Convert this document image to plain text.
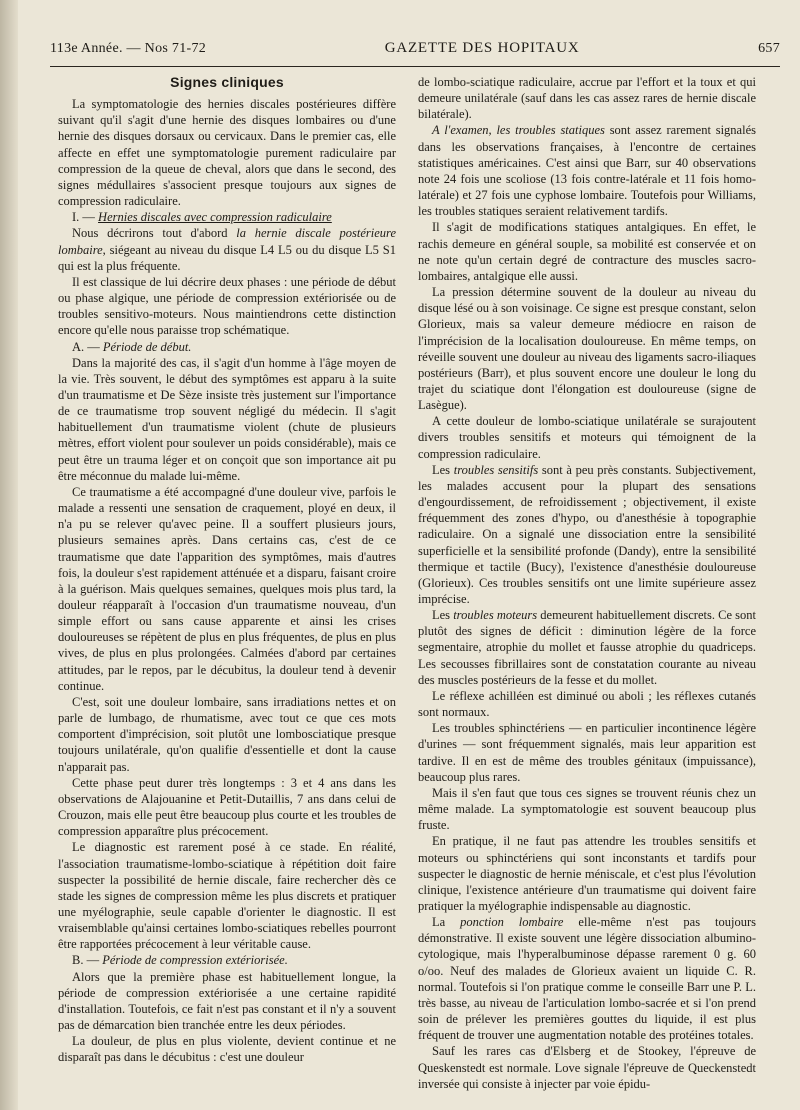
113e Année. — Nos 71-72	GAZETTE DES HOPITAUX	657
Signes cliniques

La symptomatologie des hernies discales postérieures diffère suivant qu'il s'agit d'une hernie des disques lombaires ou d'une hernie des disques dorsaux ou cervicaux. Dans le premier cas, elle affecte en effet une symptomatologie purement radiculaire par compression de la queue de cheval, alors que dans le second, des signes médullaires s'associent presque toujours aux signes de compression radiculaire.

I. — Hernies discales avec compression radiculaire

Nous décrirons tout d'abord la hernie discale postérieure lombaire, siégeant au niveau du disque L4 L5 ou du disque L5 S1 qui est la plus fréquente.

Il est classique de lui décrire deux phases : une période de début ou phase algique, une période de compression extériorisée ou de troubles sensitivo-moteurs. Nous maintiendrons cette distinction encore qu'elle nous paraisse trop schématique.

A. — Période de début.

Dans la majorité des cas, il s'agit d'un homme à l'âge moyen de la vie. Très souvent, le début des symptômes est apparu à la suite d'un traumatisme et De Sèze insiste très justement sur l'importance de ce traumatisme trop souvent négligé du médecin. Il s'agit habituellement d'un traumatisme violent (chute de plusieurs mètres, effort violent pour soulever un poids considérable), mais ce peut être un trauma léger et on conçoit que son importance ait pu être méconnue du malade lui-même.

Ce traumatisme a été accompagné d'une douleur vive, parfois le malade a ressenti une sensation de craquement, ployé en deux, il n'a pu se relever qu'avec peine. Il a souffert plusieurs jours, plusieurs semaines après. Dans certains cas, c'est de ce traumatisme que date l'apparition des symptômes, mais d'autres fois, la douleur s'est rapidement atténuée et a disparu, faisant croire à la guérison. Mais quelques semaines, quelques mois plus tard, la douleur réapparaît à l'occasion d'un traumatisme nouveau, d'un simple effort ou sans cause apparente et ainsi les crises douloureuses se répètent de plus en plus fréquentes, de plus en plus vives, de plus en plus prolongées. Calmées d'abord par certaines attitudes, par le repos, par le décubitus, la douleur tend à devenir continue.

C'est, soit une douleur lombaire, sans irradiations nettes et on parle de lumbago, de rhumatisme, avec tout ce que ces mots comportent d'imprécision, soit plutôt une lombosciatique presque toujours unilatérale, qu'on qualifie d'essentielle et dont la cause n'apparait pas.

Cette phase peut durer très longtemps : 3 et 4 ans dans les observations de Alajouanine et Petit-Dutaillis, 7 ans dans celui de Crouzon, mais elle peut être beaucoup plus courte et les troubles de compression apparaître plus précocement.

Le diagnostic est rarement posé à ce stade. En réalité, l'association traumatisme-lombo-sciatique à répétition doit faire suspecter la possibilité de hernie discale, faire rechercher dès ce stade les signes de compression même les plus discrets et pratiquer une myélographie, seule capable d'orienter le diagnostic. Il est vraisemblable qu'ainsi certaines lombo-sciatiques rebelles pourront être rapportées précocement à leur véritable cause.

B. — Période de compression extériorisée.

Alors que la première phase est habituellement longue, la période de compression extériorisée a une certaine rapidité d'installation. Toutefois, ce fait n'est pas constant et il n'y a souvent pas de démarcation bien tranchée entre les deux périodes.

La douleur, de plus en plus violente, devient continue et ne disparaît pas dans le décubitus : c'est une douleur

de lombo-sciatique radiculaire, accrue par l'effort et la toux et qui demeure unilatérale (sauf dans les cas assez rares de hernie discale bilatérale).

A l'examen, les troubles statiques sont assez rarement signalés dans les observations françaises, à l'encontre de certaines statistiques américaines. C'est ainsi que Barr, sur 40 observations note 24 fois une scoliose (13 fois contre-latérale et 11 fois homo-latérale) et 27 fois une cyphose lombaire. Toutefois pour Williams, les troubles statiques seraient relativement tardifs.

Il s'agit de modifications statiques antalgiques. En effet, le rachis demeure en général souple, sa mobilité est conservée et on ne note qu'un certain degré de contracture des muscles sacro-lombaires, antalgique elle aussi.

La pression détermine souvent de la douleur au niveau du disque lésé ou à son voisinage. Ce signe est presque constant, selon Glorieux, mais sa valeur demeure médiocre en raison de l'imprécision de la localisation douloureuse. En même temps, on réveille souvent une douleur au niveau des ligaments sacro-iliaques postérieurs (Barr), et plus souvent encore une douleur le long du trajet du sciatique dont l'élongation est douloureuse (signe de Lasègue).

A cette douleur de lombo-sciatique unilatérale se surajoutent divers troubles sensitifs et moteurs qui témoignent de la compression radiculaire.

Les troubles sensitifs sont à peu près constants. Subjectivement, les malades accusent pour la plupart des sensations d'engourdissement, de refroidissement ; objectivement, il existe fréquemment des zones d'hypo, ou d'anesthésie à topographie radiculaire. On a signalé une dissociation entre la sensibilité superficielle et la sensibilité profonde (Dandy), entre la sensibilité thermique et tactile (Bucy), l'existence d'anesthésie douloureuse (Glorieux). Ces troubles sensitifs ont une limite supérieure assez imprécise.

Les troubles moteurs demeurent habituellement discrets. Ce sont plutôt des signes de déficit : diminution légère de la force segmentaire, atrophie du mollet et fausse atrophie du quadriceps. Les secousses fibrillaires sont de constatation courante au niveau des muscles postérieurs de la fesse et du mollet.

Le réflexe achilléen est diminué ou aboli ; les réflexes cutanés sont normaux.

Les troubles sphinctériens — en particulier incontinence légère d'urines — sont fréquemment signalés, mais leur apparition est tardive. Il en est de même des troubles génitaux (impuissance), beaucoup plus rares.

Mais il s'en faut que tous ces signes se trouvent réunis chez un même malade. La symptomatologie est souvent beaucoup plus fruste.

En pratique, il ne faut pas attendre les troubles sensitifs et moteurs ou sphinctériens qui sont inconstants et tardifs pour suspecter le diagnostic de hernie méniscale, et c'est plus l'évolution clinique, l'existence antérieure d'un traumatisme qui doivent faire pratiquer la myélographie indispensable au diagnostic.

La ponction lombaire elle-même n'est pas toujours démonstrative. Il existe souvent une légère dissociation albumino-cytologique, mais l'hyperalbuminose dépasse rarement 0 g. 60 o/oo. Neuf des malades de Glorieux avaient un liquide C. R. normal. Toutefois si l'on pratique comme le conseille Barr une P. L. très basse, au niveau de l'articulation lombo-sacrée et si l'on prend soin de prélever les premières gouttes du liquide, il est plus fréquent de trouver une augmentation notable des protéines totales.

Sauf les rares cas d'Elsberg et de Stookey, l'épreuve de Queskenstedt est normale. Love signale l'épreuve de Queckenstedt inversée qui consiste à injecter par voie épidu-
